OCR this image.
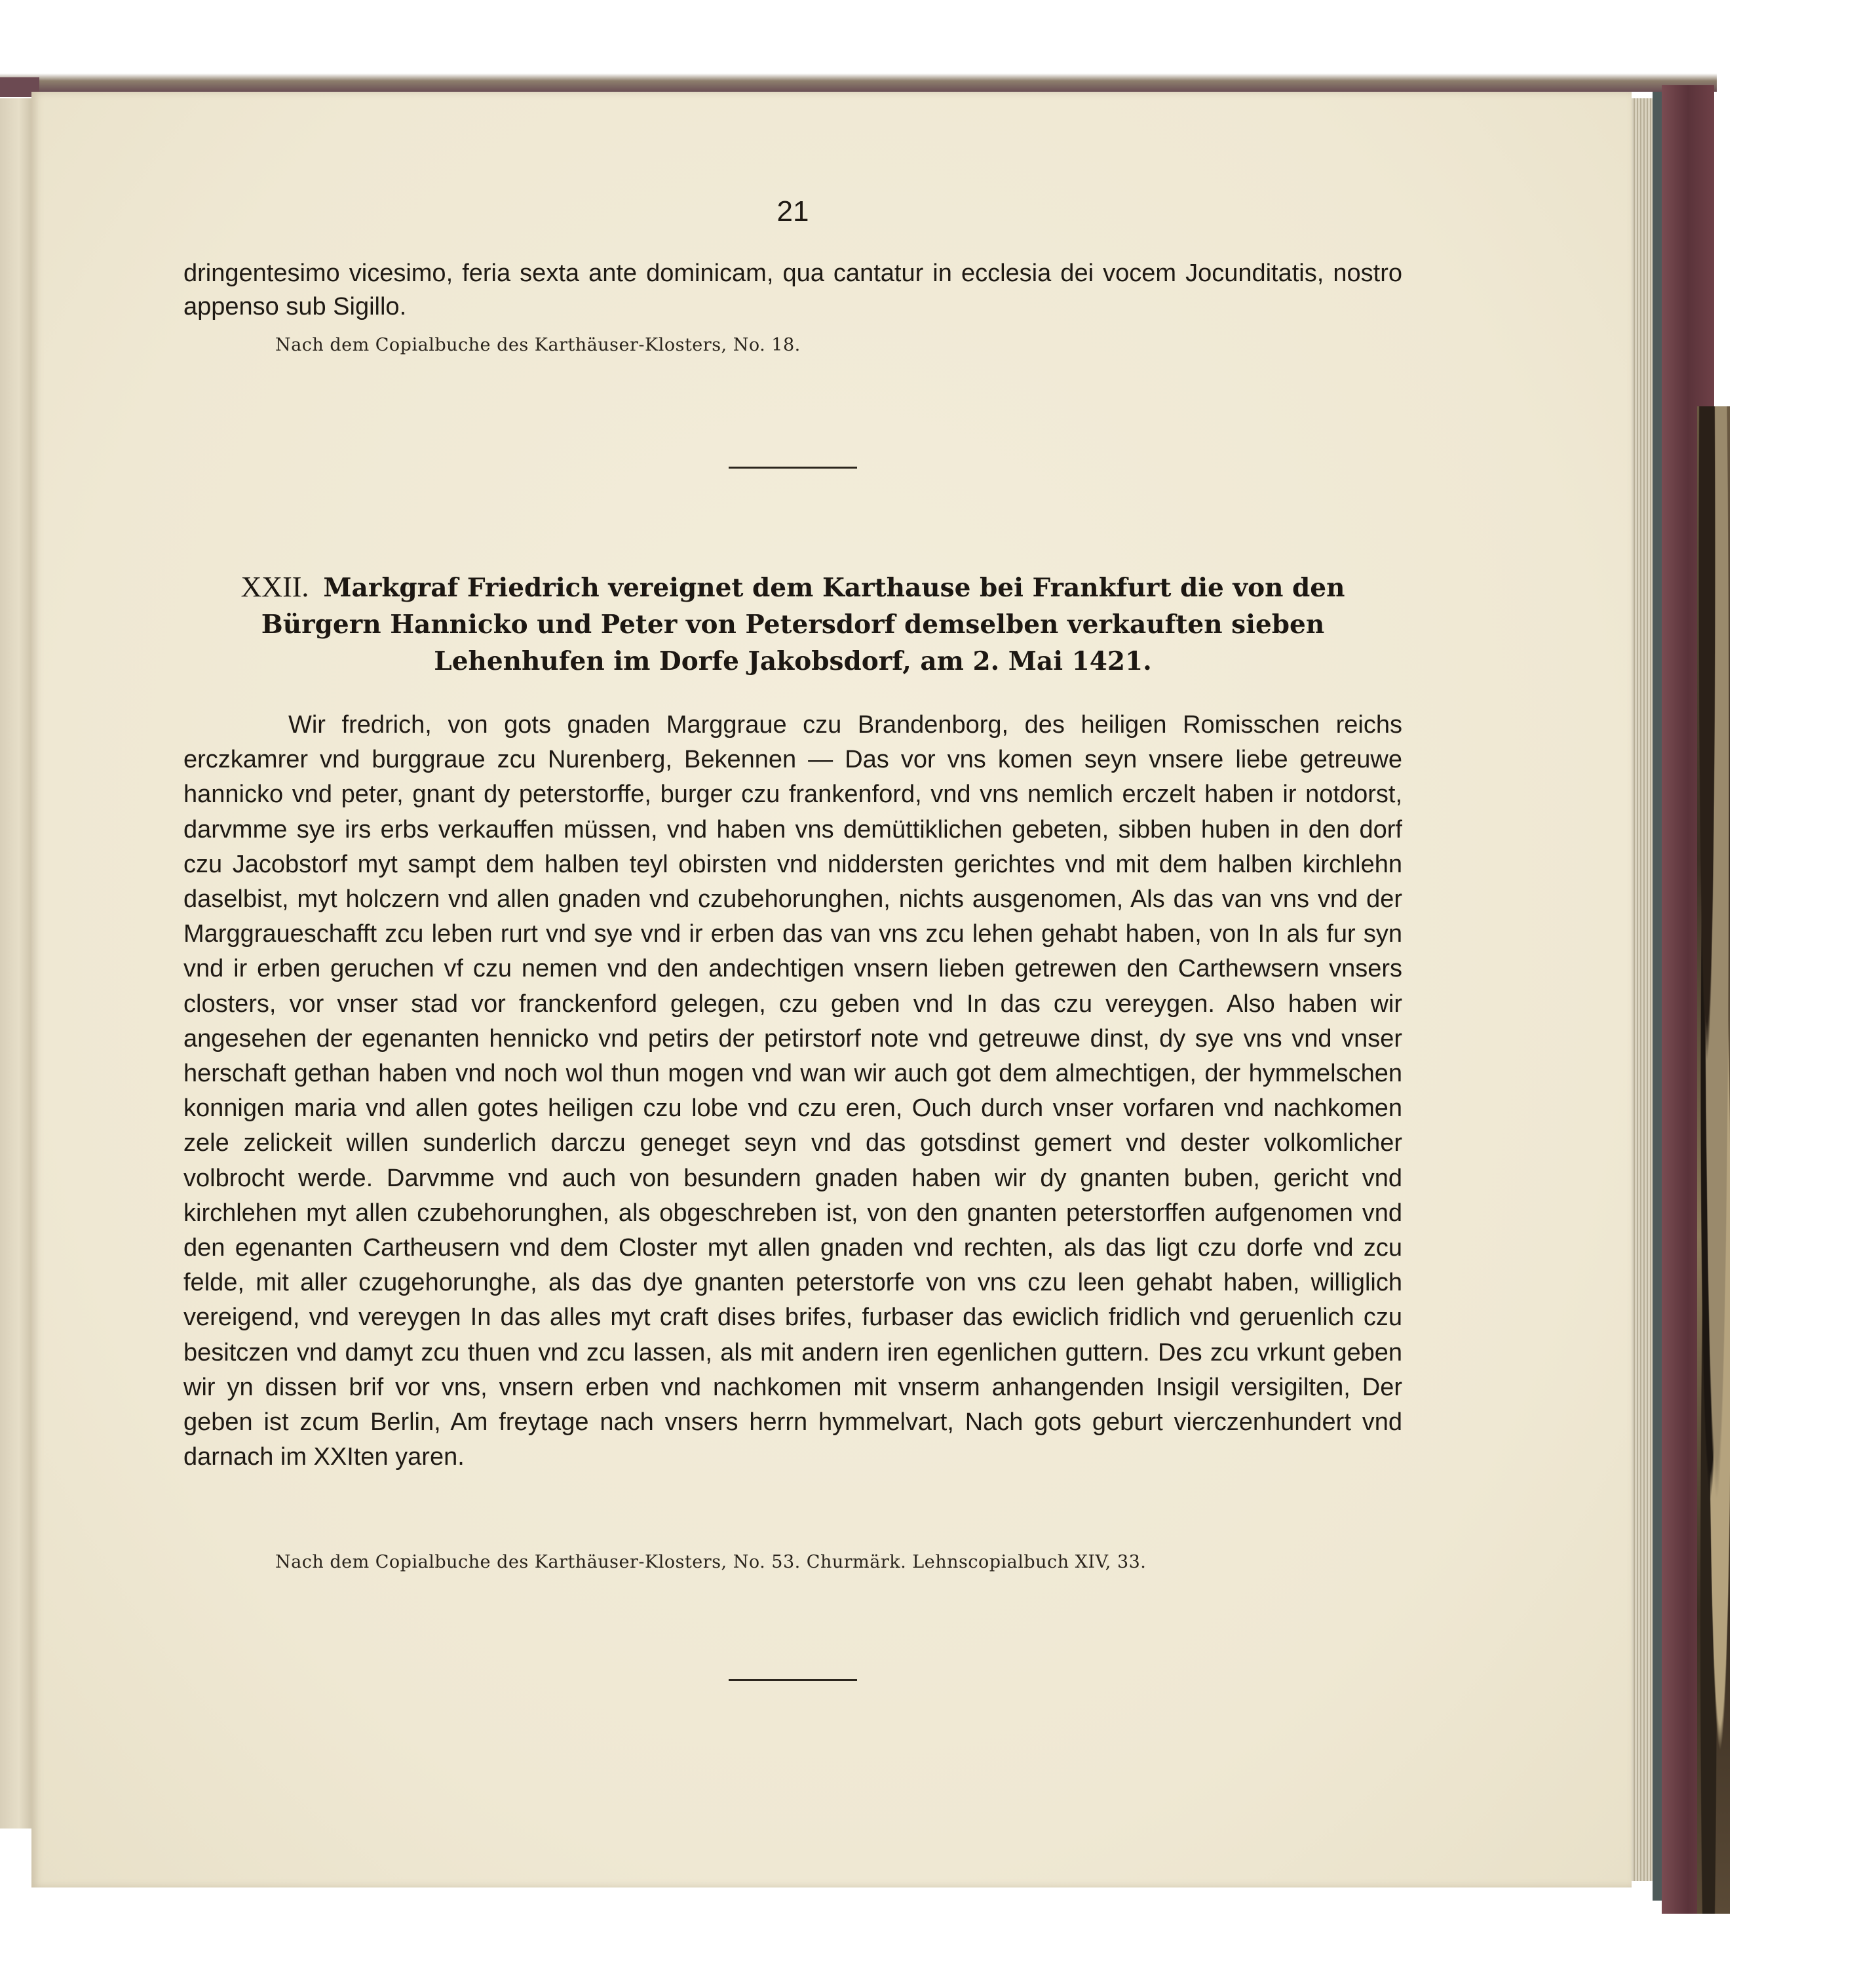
21
dringentesimo vicesimo, feria sexta ante dominicam, qua cantatur in ecclesia dei vocem Jocunditatis, nostro appenso sub Sigillo.
Nach dem Copialbuche des Karthäuser-Klosters, No. 18.
XXII. Markgraf Friedrich vereignet dem Karthause bei Frankfurt die von den Bürgern Hannicko und Peter von Petersdorf demselben verkauften sieben Lehenhufen im Dorfe Jakobsdorf, am 2. Mai 1421.

Wir fredrich, von gots gnaden Marggraue czu Brandenborg, des heiligen Romisschen reichs erczkamrer vnd burggraue zcu Nurenberg, Bekennen — Das vor vns komen seyn vnsere liebe getreuwe hannicko vnd peter, gnant dy peterstorffe, burger czu frankenford, vnd vns nemlich erczelt haben ir notdorst, darvmme sye irs erbs verkauffen müssen, vnd haben vns demüttiklichen gebeten, sibben huben in den dorf czu Jacobstorf myt sampt dem halben teyl obirsten vnd niddersten gerichtes vnd mit dem halben kirchlehn daselbist, myt holczern vnd allen gnaden vnd czubehorunghen, nichts ausgenomen, Als das van vns vnd der Marggraueschafft zcu leben rurt vnd sye vnd ir erben das van vns zcu lehen gehabt haben, von In als fur syn vnd ir erben geruchen vf czu nemen vnd den andechtigen vnsern lieben getrewen den Carthewsern vnsers closters, vor vnser stad vor franckenford gelegen, czu geben vnd In das czu vereygen. Also haben wir angesehen der egenanten hennicko vnd petirs der petirstorf note vnd getreuwe dinst, dy sye vns vnd vnser herschaft gethan haben vnd noch wol thun mogen vnd wan wir auch got dem almechtigen, der hymmelschen konnigen maria vnd allen gotes heiligen czu lobe vnd czu eren, Ouch durch vnser vorfaren vnd nachkomen zele zelickeit willen sunderlich darczu geneget seyn vnd das gotsdinst gemert vnd dester volkomlicher volbrocht werde. Darvmme vnd auch von besundern gnaden haben wir dy gnanten buben, gericht vnd kirchlehen myt allen czubehorunghen, als obgeschreben ist, von den gnanten peterstorffen aufgenomen vnd den egenanten Cartheusern vnd dem Closter myt allen gnaden vnd rechten, als das ligt czu dorfe vnd zcu felde, mit aller czugehorunghe, als das dye gnanten peterstorfe von vns czu leen gehabt haben, williglich vereigend, vnd vereygen In das alles myt craft dises brifes, furbaser das ewiclich fridlich vnd geruenlich czu besitczen vnd damyt zcu thuen vnd zcu lassen, als mit andern iren egenlichen guttern. Des zcu vrkunt geben wir yn dissen brif vor vns, vnsern erben vnd nachkomen mit vnserm anhangenden Insigil versigilten, Der geben ist zcum Berlin, Am freytage nach vnsers herrn hymmelvart, Nach gots geburt vierczenhundert vnd darnach im XXIten yaren.

Nach dem Copialbuche des Karthäuser-Klosters, No. 53. Churmärk. Lehnscopialbuch XIV, 33.
